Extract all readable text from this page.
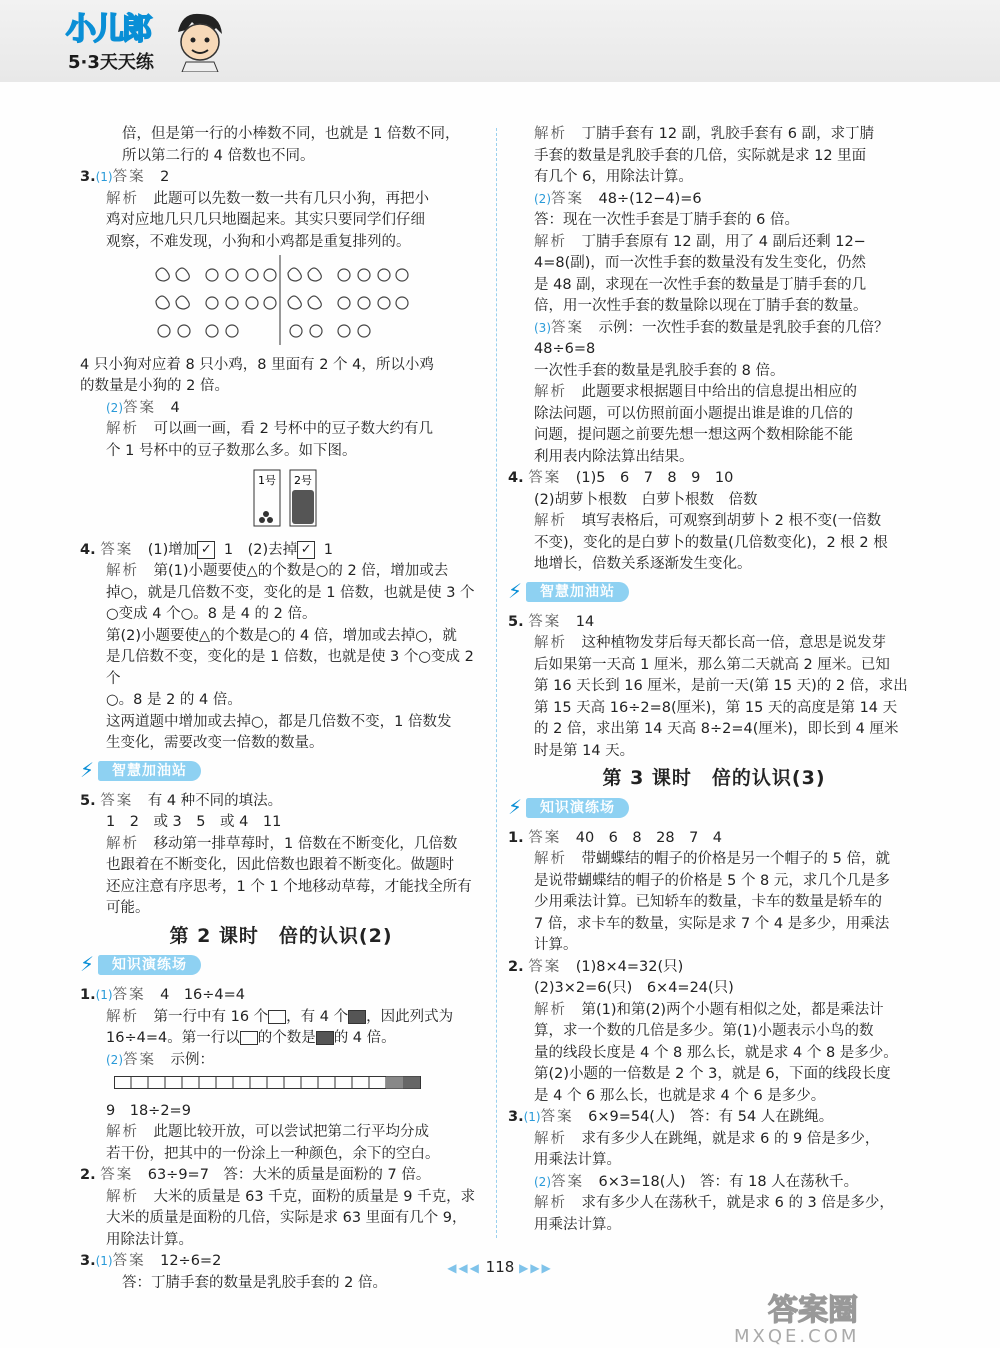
小儿郎
5·3天天练

倍，但是第一行的小棒数不同，也就是 1 倍数不同，

所以第二行的 4 倍数也不同。

3.(1)答案　 2

解析　 此题可以先数一数一共有几只小狗，再把小

鸡对应地几只几只地圈起来。其实只要同学们仔细

观察，不难发现，小狗和小鸡都是重复排列的。

4 只小狗对应着 8 只小鸡，8 里面有 2 个 4，所以小鸡

的数量是小狗的 2 倍。

(2)答案　 4

解析　 可以画一画，看 2 号杯中的豆子数大约有几

个 1 号杯中的豆子数那么多。如下图。

1号 2号

4. 答案　 (1)增加 ✓ 1　(2)去掉 ✓ 1

解析　 第(1)小题要使△的个数是○的 2 倍，增加或去

掉○，就是几倍数不变，变化的是 1 倍数，也就是使 3 个

○变成 4 个○。8 是 4 的 2 倍。

第(2)小题要使△的个数是○的 4 倍，增加或去掉○，就

是几倍数不变，变化的是 1 倍数，也就是使 3 个○变成 2 个

○。8 是 2 的 4 倍。

这两道题中增加或去掉○，都是几倍数不变，1 倍数发

生变化，需要改变一倍数的数量。

⚡	智慧加油站

5. 答案　 有 4 种不同的填法。

1　2　或 3　5　或 4　11

解析　 移动第一排草莓时，1 倍数在不断变化，几倍数

也跟着在不断变化，因此倍数也跟着不断变化。做题时

还应注意有序思考，1 个 1 个地移动草莓，才能找全所有

可能。

第 2 课时　倍的认识(2)
⚡	知识演练场

1.(1)答案　 4　16÷4=4

解析　 第一行中有 16 个 ，有 4 个 ，因此列式为

16÷4=4。第一行以 的个数是 的 4 倍。

(2)答案　 示例：

9　18÷2=9

解析　 此题比较开放，可以尝试把第二行平均分成

若干份，把其中的一份涂上一种颜色，余下的空白。

2. 答案　 63÷9=7　答：大米的质量是面粉的 7 倍。

解析　 大米的质量是 63 千克，面粉的质量是 9 千克，求

大米的质量是面粉的几倍，实际是求 63 里面有几个 9，

用除法计算。

3.(1)答案　 12÷6=2

答：丁腈手套的数量是乳胶手套的 2 倍。

解析　 丁腈手套有 12 副，乳胶手套有 6 副，求丁腈

手套的数量是乳胶手套的几倍，实际就是求 12 里面

有几个 6，用除法计算。

(2)答案　 48÷(12−4)=6

答：现在一次性手套是丁腈手套的 6 倍。

解析　 丁腈手套原有 12 副，用了 4 副后还剩 12−

4=8(副)，而一次性手套的数量没有发生变化，仍然

是 48 副，求现在一次性手套的数量是丁腈手套的几

倍，用一次性手套的数量除以现在丁腈手套的数量。

(3)答案　 示例：一次性手套的数量是乳胶手套的几倍？

48÷6=8

一次性手套的数量是乳胶手套的 8 倍。

解析　 此题要求根据题目中给出的信息提出相应的

除法问题，可以仿照前面小题提出谁是谁的几倍的

问题，提问题之前要先想一想这两个数相除能不能

利用表内除法算出结果。

4. 答案　 (1)5　6　7　8　9　10

(2)胡萝卜根数　白萝卜根数　倍数

解析　 填写表格后，可观察到胡萝卜 2 根不变(一倍数

不变)，变化的是白萝卜的数量(几倍数变化)，2 根 2 根

地增长，倍数关系逐渐发生变化。

⚡	智慧加油站

5. 答案　 14

解析　 这种植物发芽后每天都长高一倍，意思是说发芽

后如果第一天高 1 厘米，那么第二天就高 2 厘米。已知

第 16 天长到 16 厘米，是前一天(第 15 天)的 2 倍，求出

第 15 天高 16÷2=8(厘米)，第 15 天的高度是第 14 天

的 2 倍，求出第 14 天高 8÷2=4(厘米)，即长到 4 厘米

时是第 14 天。

第 3 课时　倍的认识(3)
⚡	知识演练场

1. 答案　 40　6　8　28　7　4

解析　 带蝴蝶结的帽子的价格是另一个帽子的 5 倍，就

是说带蝴蝶结的帽子的价格是 5 个 8 元，求几个几是多

少用乘法计算。已知轿车的数量，卡车的数量是轿车的

7 倍，求卡车的数量，实际是求 7 个 4 是多少，用乘法

计算。

2. 答案　 (1)8×4=32(只)

(2)3×2=6(只)　6×4=24(只)

解析　 第(1)和第(2)两个小题有相似之处，都是乘法计

算，求一个数的几倍是多少。第(1)小题表示小鸟的数

量的线段长度是 4 个 8 那么长，就是求 4 个 8 是多少。

第(2)小题的一倍数是 2 个 3，就是 6，下面的线段长度

是 4 个 6 那么长，也就是求 4 个 6 是多少。

3.(1)答案　 6×9=54(人)　答：有 54 人在跳绳。

解析　 求有多少人在跳绳，就是求 6 的 9 倍是多少，

用乘法计算。

(2)答案　 6×3=18(人)　答：有 18 人在荡秋千。

解析　 求有多少人在荡秋千，就是求 6 的 3 倍是多少，

用乘法计算。

◀◀◀ 118 ▶▶▶
答案圈
MXQE.COM
